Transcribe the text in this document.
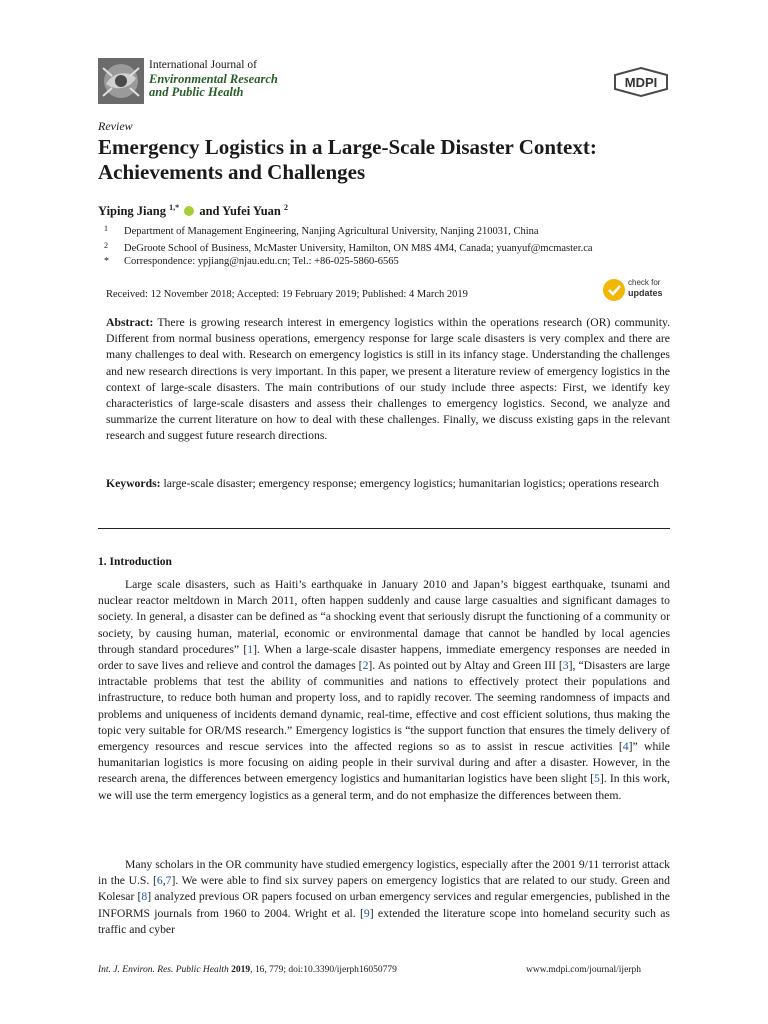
International Journal of
Environmental Research
and Public Health
MDPI
Review
Emergency Logistics in a Large-Scale Disaster Context: Achievements and Challenges
Yiping Jiang $^{1,*}$ and Yufei Yuan $^2$
1 Department of Management Engineering, Nanjing Agricultural University, Nanjing 210031, China
2 DeGroote School of Business, McMaster University, Hamilton, ON M8S 4M4, Canada; yuanyuf@mcmaster.ca
* Correspondence: ypjiang@njau.edu.cn; Tel.: +86-025-5860-6565
Received: 12 November 2018; Accepted: 19 February 2019; Published: 4 March 2019
check for
updates
Abstract: There is growing research interest in emergency logistics within the operations research (OR) community. Different from normal business operations, emergency response for large scale disasters is very complex and there are many challenges to deal with. Research on emergency logistics is still in its infancy stage. Understanding the challenges and new research directions is very important. In this paper, we present a literature review of emergency logistics in the context of large-scale disasters. The main contributions of our study include three aspects: First, we identify key characteristics of large-scale disasters and assess their challenges to emergency logistics. Second, we analyze and summarize the current literature on how to deal with these challenges. Finally, we discuss existing gaps in the relevant research and suggest future research directions.
Keywords: large-scale disaster; emergency response; emergency logistics; humanitarian logistics; operations research
1. Introduction
Large scale disasters, such as Haiti’s earthquake in January 2010 and Japan’s biggest earthquake, tsunami and nuclear reactor meltdown in March 2011, often happen suddenly and cause large casualties and significant damages to society. In general, a disaster can be defined as “a shocking event that seriously disrupt the functioning of a community or society, by causing human, material, economic or environmental damage that cannot be handled by local agencies through standard procedures” [1]. When a large-scale disaster happens, immediate emergency responses are needed in order to save lives and relieve and control the damages [2]. As pointed out by Altay and Green III [3], “Disasters are large intractable problems that test the ability of communities and nations to effectively protect their populations and infrastructure, to reduce both human and property loss, and to rapidly recover. The seeming randomness of impacts and problems and uniqueness of incidents demand dynamic, real-time, effective and cost efficient solutions, thus making the topic very suitable for OR/MS research.” Emergency logistics is “the support function that ensures the timely delivery of emergency resources and rescue services into the affected regions so as to assist in rescue activities [4]” while humanitarian logistics is more focusing on aiding people in their survival during and after a disaster. However, in the research arena, the differences between emergency logistics and humanitarian logistics have been slight [5]. In this work, we will use the term emergency logistics as a general term, and do not emphasize the differences between them.
Many scholars in the OR community have studied emergency logistics, especially after the 2001 9/11 terrorist attack in the U.S. [6,7]. We were able to find six survey papers on emergency logistics that are related to our study. Green and Kolesar [8] analyzed previous OR papers focused on urban emergency services and regular emergencies, published in the INFORMS journals from 1960 to 2004. Wright et al. [9] extended the literature scope into homeland security such as traffic and cyber
Int. J. Environ. Res. Public Health 2019, 16, 779; doi:10.3390/ijerph16050779	www.mdpi.com/journal/ijerph
